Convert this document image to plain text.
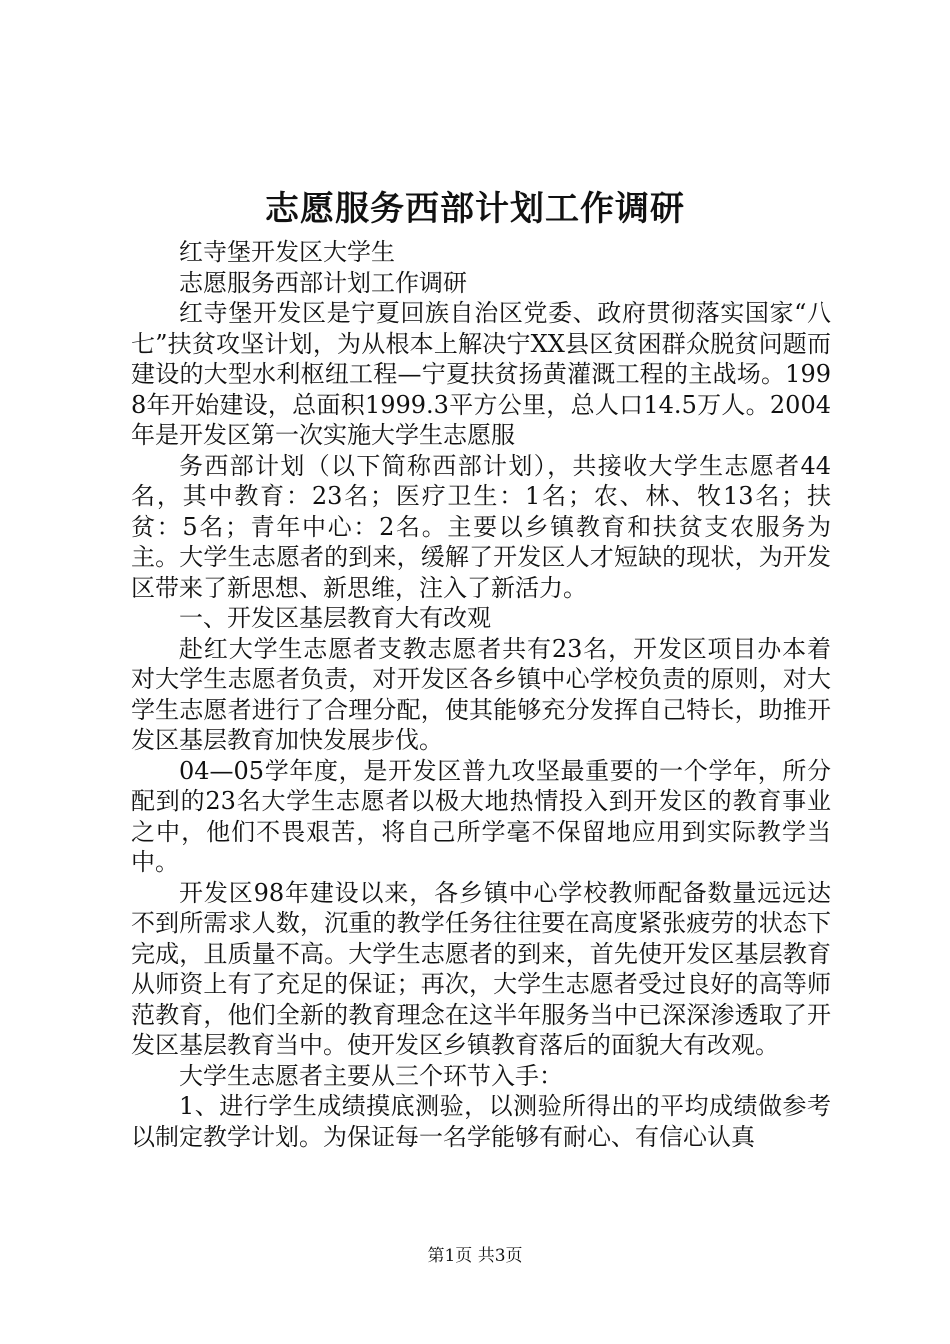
志愿服务西部计划工作调研

红寺堡开发区大学生

志愿服务西部计划工作调研

红寺堡开发区是宁夏回族自治区党委、政府贯彻落实国家“八七”扶贫攻坚计划，为从根本上解决宁XX县区贫困群众脱贫问题而建设的大型水利枢纽工程—宁夏扶贫扬黄灌溉工程的主战场。1998年开始建设，总面积1999.3平方公里，总人口14.5万人。2004年是开发区第一次实施大学生志愿服

务西部计划（以下简称西部计划），共接收大学生志愿者44名，其中教育：23名；医疗卫生：1名；农、林、牧13名；扶贫：5名；青年中心：2名。主要以乡镇教育和扶贫支农服务为主。大学生志愿者的到来，缓解了开发区人才短缺的现状，为开发区带来了新思想、新思维，注入了新活力。

一、开发区基层教育大有改观

赴红大学生志愿者支教志愿者共有23名，开发区项目办本着对大学生志愿者负责，对开发区各乡镇中心学校负责的原则，对大学生志愿者进行了合理分配，使其能够充分发挥自己特长，助推开发区基层教育加快发展步伐。

04—05学年度，是开发区普九攻坚最重要的一个学年，所分配到的23名大学生志愿者以极大地热情投入到开发区的教育事业之中，他们不畏艰苦，将自己所学毫不保留地应用到实际教学当中。

开发区98年建设以来，各乡镇中心学校教师配备数量远远达不到所需求人数，沉重的教学任务往往要在高度紧张疲劳的状态下完成，且质量不高。大学生志愿者的到来，首先使开发区基层教育从师资上有了充足的保证；再次，大学生志愿者受过良好的高等师范教育，他们全新的教育理念在这半年服务当中已深深渗透取了开发区基层教育当中。使开发区乡镇教育落后的面貌大有改观。

大学生志愿者主要从三个环节入手：

1、进行学生成绩摸底测验，以测验所得出的平均成绩做参考以制定教学计划。为保证每一名学能够有耐心、有信心认真

第1页 共3页
